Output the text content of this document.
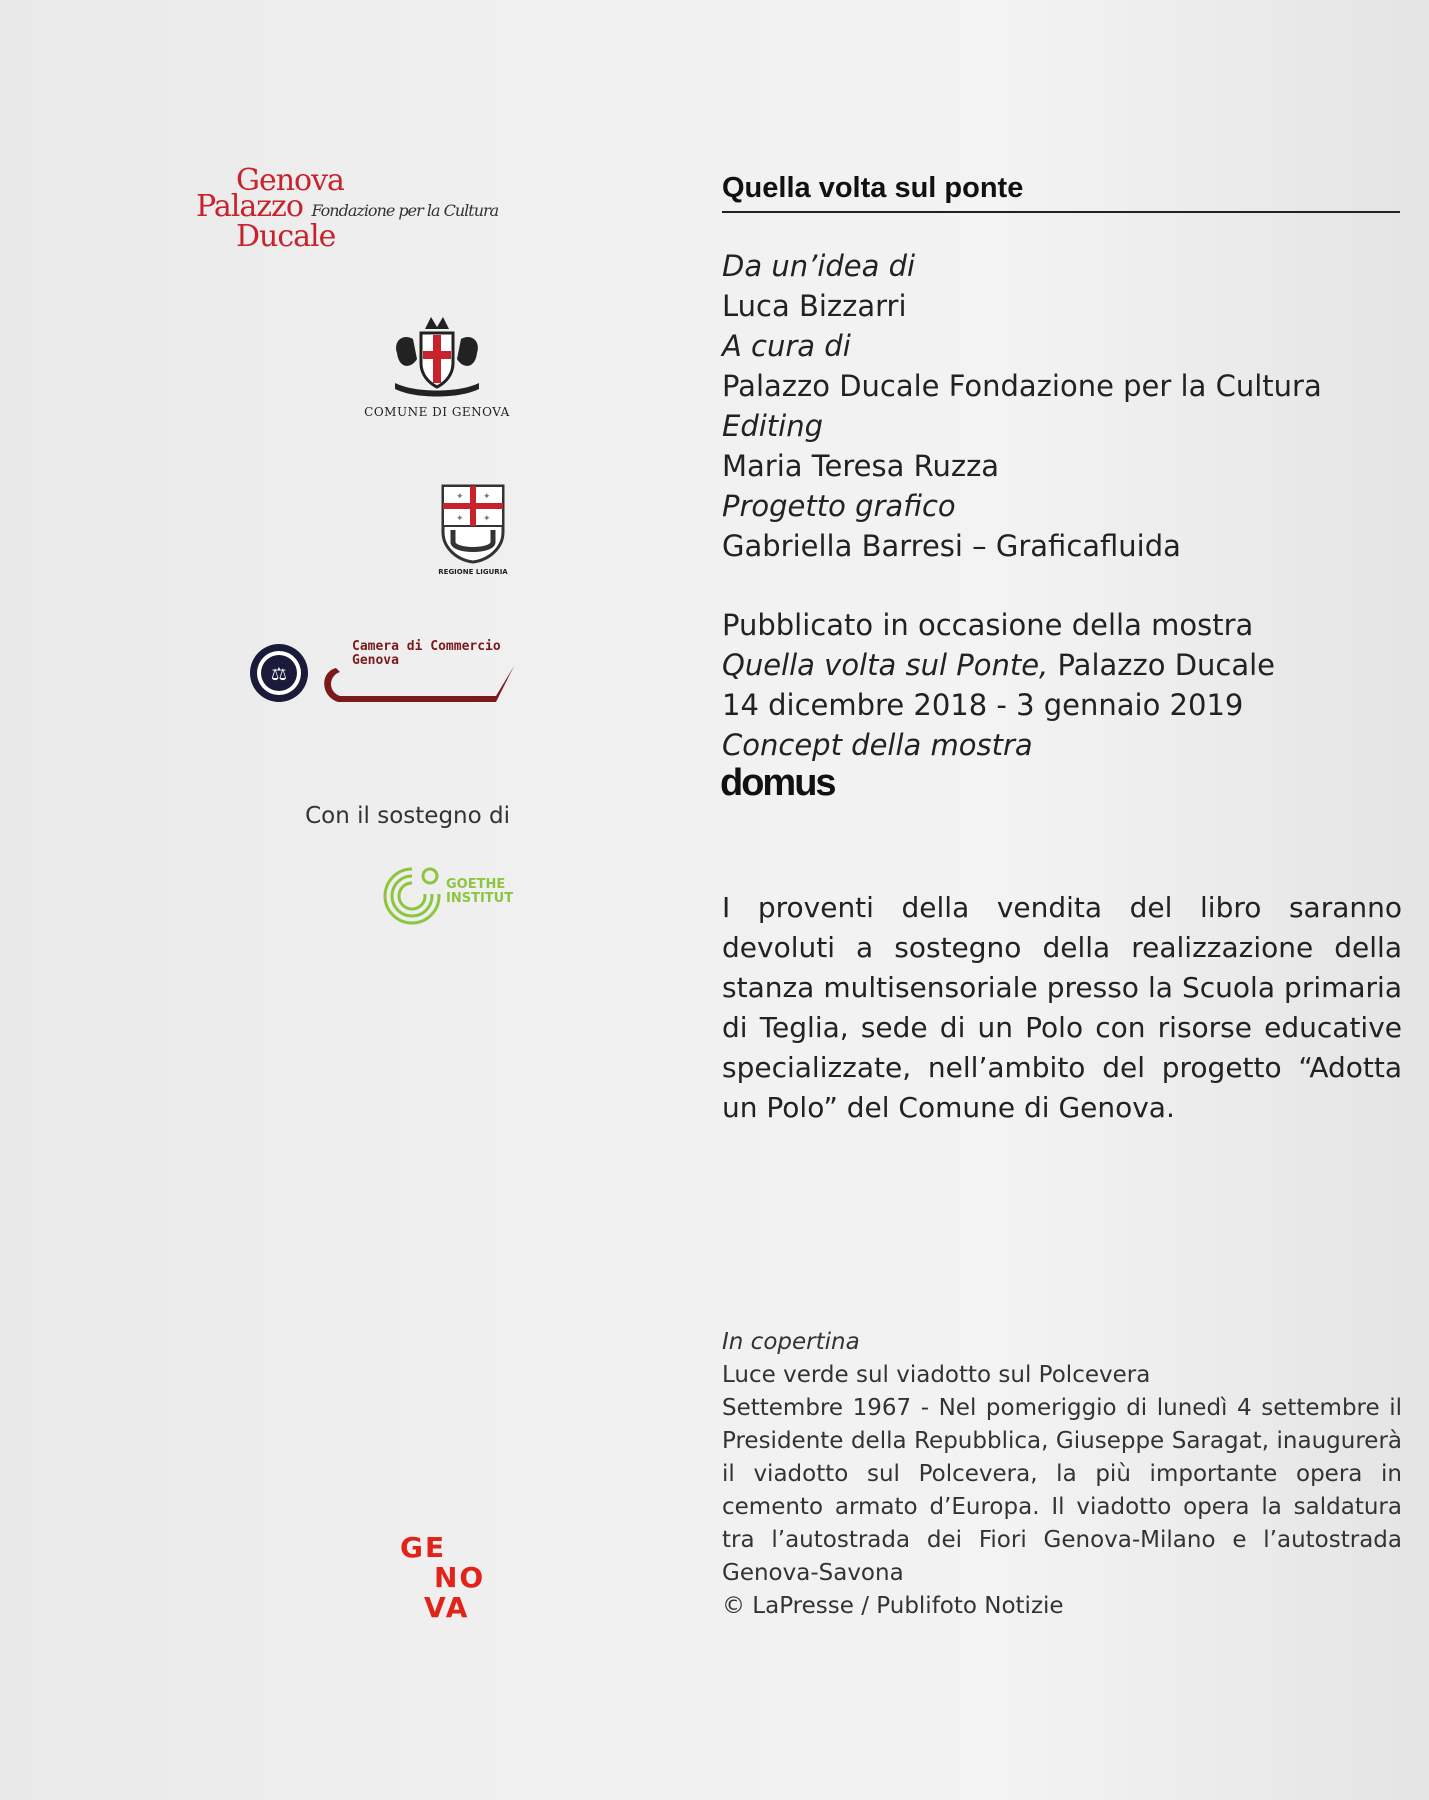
Genova
Palazzo Fondazione per la Cultura
Ducale
COMUNE DI GENOVA
✦ ✦
✦ ✦
REGIONE LIGURIA
⚖
Camera di Commercio
Genova
Con il sostegno di
GOETHE
INSTITUT
GE
NO
VA
Quella volta sul ponte
Da un’idea di
Luca Bizzarri
A cura di
Palazzo Ducale Fondazione per la Cultura
Editing
Maria Teresa Ruzza
Progetto grafico
Gabriella Barresi – Graficafluida
Pubblicato in occasione della mostra
Quella volta sul Ponte, Palazzo Ducale
14 dicembre 2018 - 3 gennaio 2019
Concept della mostra
domus
I proventi della vendita del libro saranno devoluti a sostegno della realizzazione della stanza multisensoriale presso la Scuola primaria di Teglia, sede di un Polo con risorse educative specializzate, nell’ambito del progetto “Adotta un Polo” del Comune di Genova.
In copertina
Luce verde sul viadotto sul Polcevera
Settembre 1967 - Nel pomeriggio di lunedì 4 settembre il Presidente della Repubblica, Giuseppe Saragat, inaugurerà il viadotto sul Polcevera, la più importante opera in cemento armato d’Europa. Il viadotto opera la saldatura tra l’autostrada dei Fiori Genova-Milano e l’autostrada Genova-Savona
© LaPresse / Publifoto Notizie
